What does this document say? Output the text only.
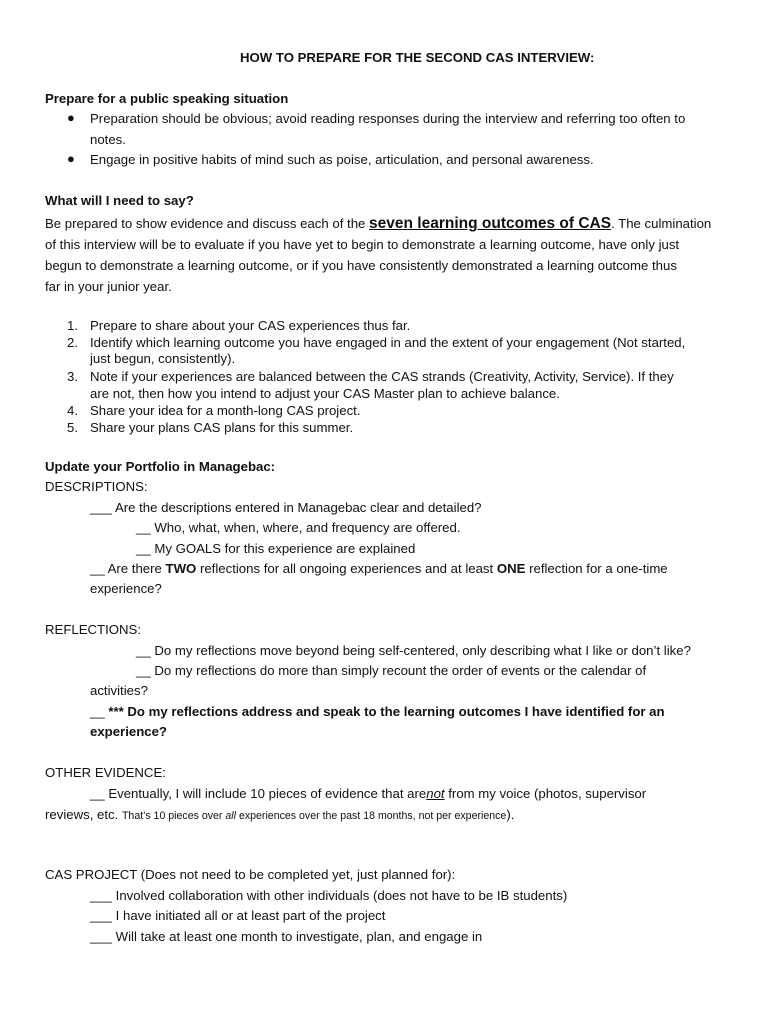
HOW TO PREPARE FOR THE SECOND CAS INTERVIEW:
Prepare for a public speaking situation
● Preparation should be obvious; avoid reading responses during the interview and referring too often to
notes.
● Engage in positive habits of mind such as poise, articulation, and personal awareness.
What will I need to say?
Be prepared to show evidence and discuss each of the seven learning outcomes of CAS. The culmination
of this interview will be to evaluate if you have yet to begin to demonstrate a learning outcome, have only just
begun to demonstrate a learning outcome, or if you have consistently demonstrated a learning outcome thus
far in your junior year.
1. Prepare to share about your CAS experiences thus far.
2. Identify which learning outcome you have engaged in and the extent of your engagement (Not started,
just begun, consistently).
3. Note if your experiences are balanced between the CAS strands (Creativity, Activity, Service). If they
are not, then how you intend to adjust your CAS Master plan to achieve balance.
4. Share your idea for a month-long CAS project.
5. Share your plans CAS plans for this summer.
Update your Portfolio in Managebac:
DESCRIPTIONS:
___ Are the descriptions entered in Managebac clear and detailed?
__ Who, what, when, where, and frequency are offered.
__ My GOALS for this experience are explained
__ Are there TWO reflections for all ongoing experiences and at least ONE reflection for a one-time
experience?
REFLECTIONS:
__ Do my reflections move beyond being self-centered, only describing what I like or don’t like?
__ Do my reflections do more than simply recount the order of events or the calendar of
activities?
__ *** Do my reflections address and speak to the learning outcomes I have identified for an
experience?
OTHER EVIDENCE:
__ Eventually, I will include 10 pieces of evidence that arenot from my voice (photos, supervisor
reviews, etc. That’s 10 pieces over all experiences over the past 18 months, not per experience).
CAS PROJECT (Does not need to be completed yet, just planned for):
___ Involved collaboration with other individuals (does not have to be IB students)
___ I have initiated all or at least part of the project
___ Will take at least one month to investigate, plan, and engage in
